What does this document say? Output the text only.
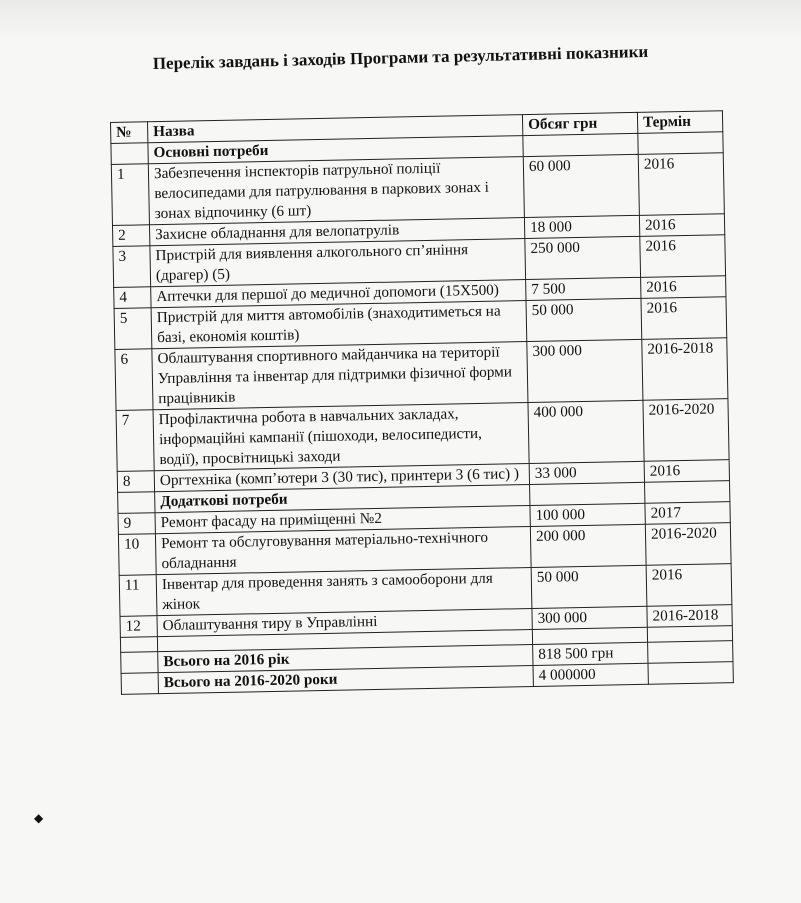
Перелік завдань і заходів Програми та результативні показники
№	Назва	Обсяг грн	Термін
	Основні потреби		
1	Забезпечення інспекторів патрульної поліції велосипедами для патрулювання в паркових зонах і зонах відпочинку (6 шт)	60 000	2016
2	Захисне обладнання для велопатрулів	18 000	2016
3	Пристрій для виявлення алкогольного сп’яніння (драгер) (5)	250 000	2016
4	Аптечки для першої до медичної допомоги (15Х500)	7 500	2016
5	Пристрій для миття автомобілів (знаходитиметься на базі, економія коштів)	50 000	2016
6	Облаштування спортивного майданчика на території Управління та інвентар для підтримки фізичної форми працівників	300 000	2016-2018
7	Профілактична робота в навчальних закладах, інформаційні кампанії (пішоходи, велосипедисти, водії), просвітницькі заходи	400 000	2016-2020
8	Оргтехніка (комп’ютери 3 (30 тис), принтери 3 (6 тис) )	33 000	2016
	Додаткові потреби		
9	Ремонт фасаду на приміщенні №2	100 000	2017
10	Ремонт та обслуговування матеріально-технічного обладнання	200 000	2016-2020
11	Інвентар для проведення занять з самооборони для жінок	50 000	2016
12	Облаштування тиру в Управлінні	300 000	2016-2018

	Всього на 2016 рік	818 500 грн	
	Всього на 2016-2020 роки	4 000000	
◆
